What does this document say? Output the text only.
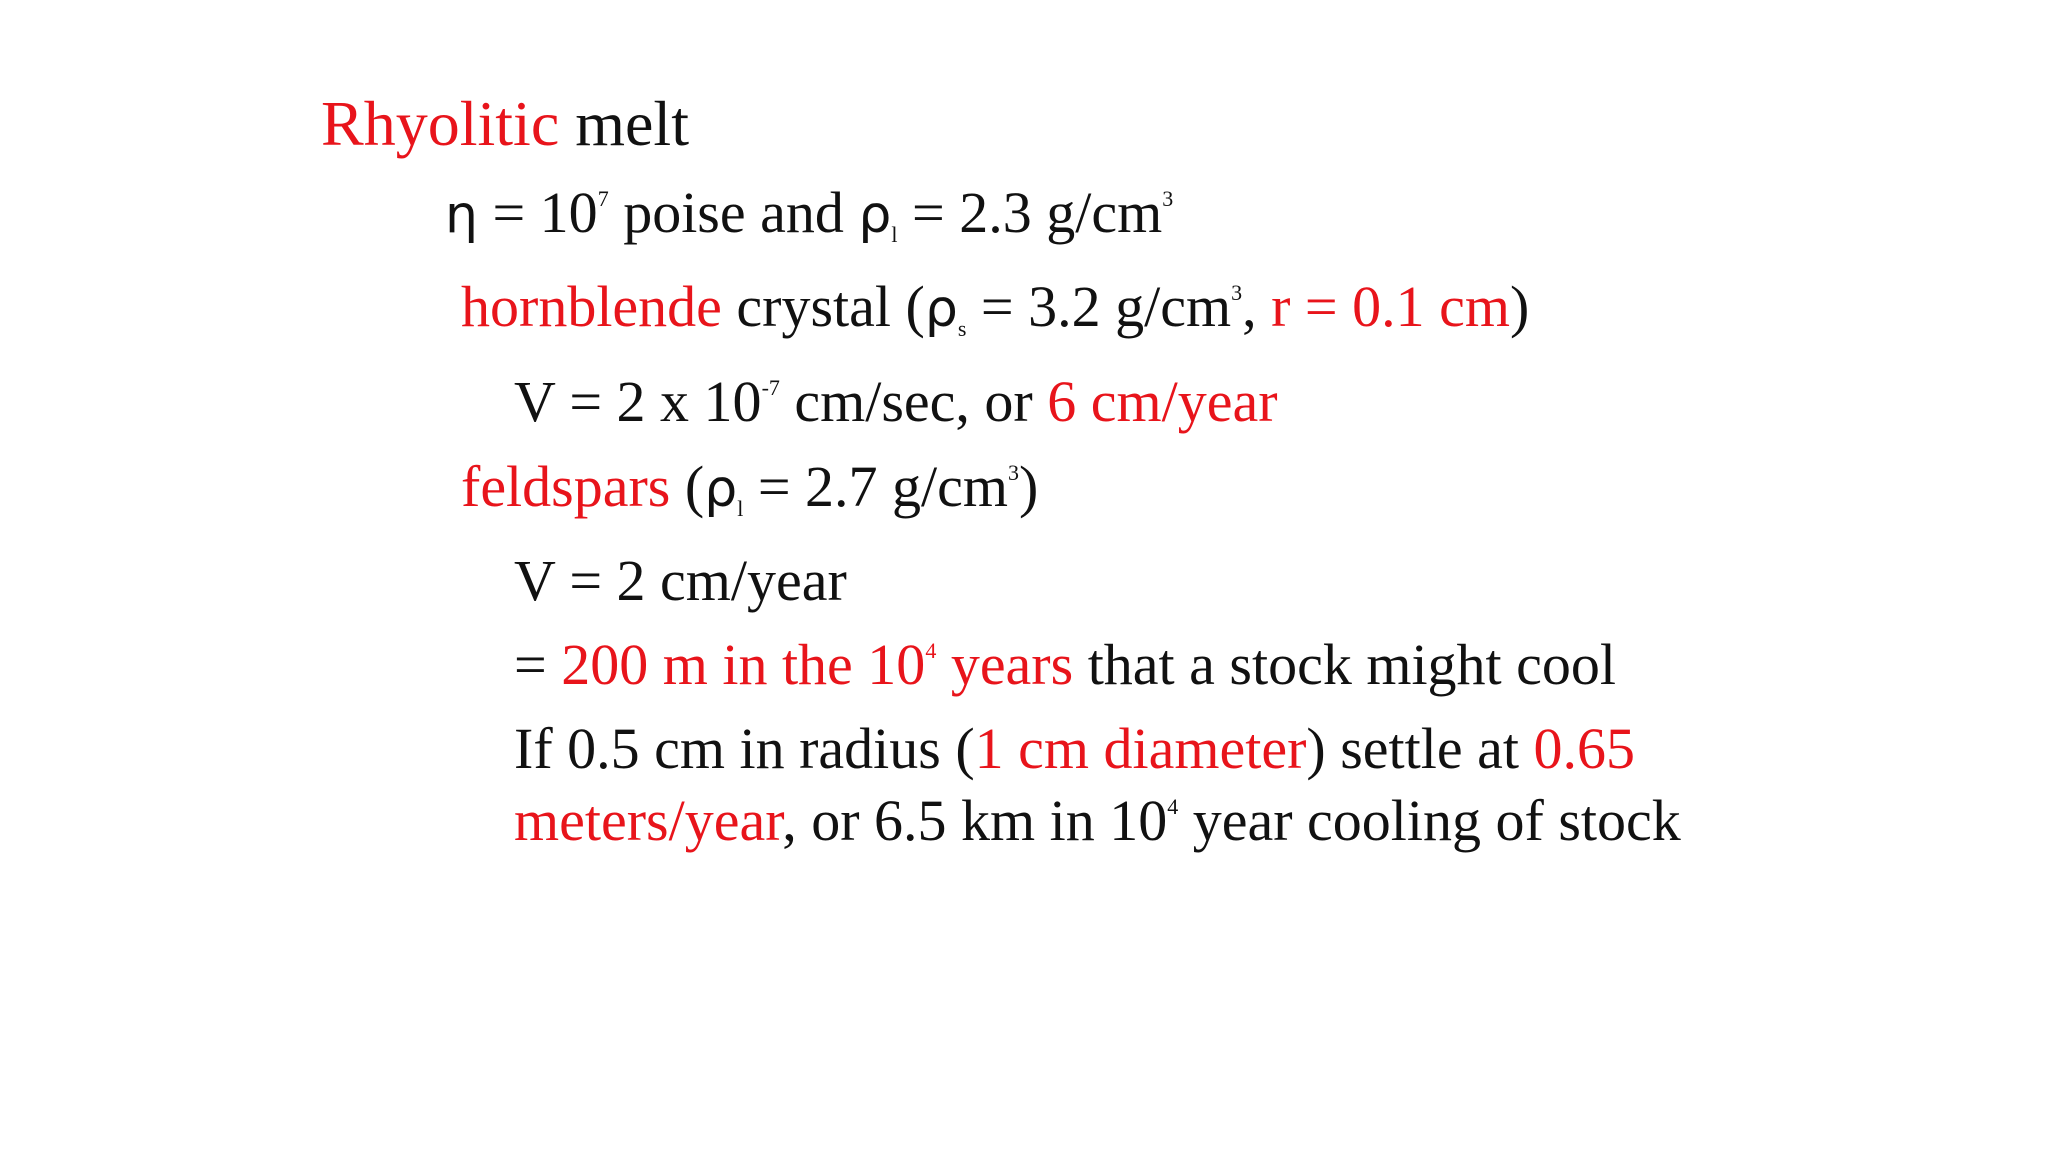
Rhyolitic melt
$\eta = 10^7$ poise and $\rho_l = 2.3$ $g/cm^3$
hornblende crystal ($\rho_s = 3.2$ $g/cm^3$, r = 0.1 cm)
V = 2 x $10^{-7}$ cm/sec, or 6 cm/year
feldspars ($\rho_l = 2.7$ $g/cm^3$)
V = 2 cm/year
= 200 m in the $10^4$ years that a stock might cool
If 0.5 cm in radius (1 cm diameter) settle at 0.65
meters/year, or 6.5 km in $10^4$ year cooling of stock
